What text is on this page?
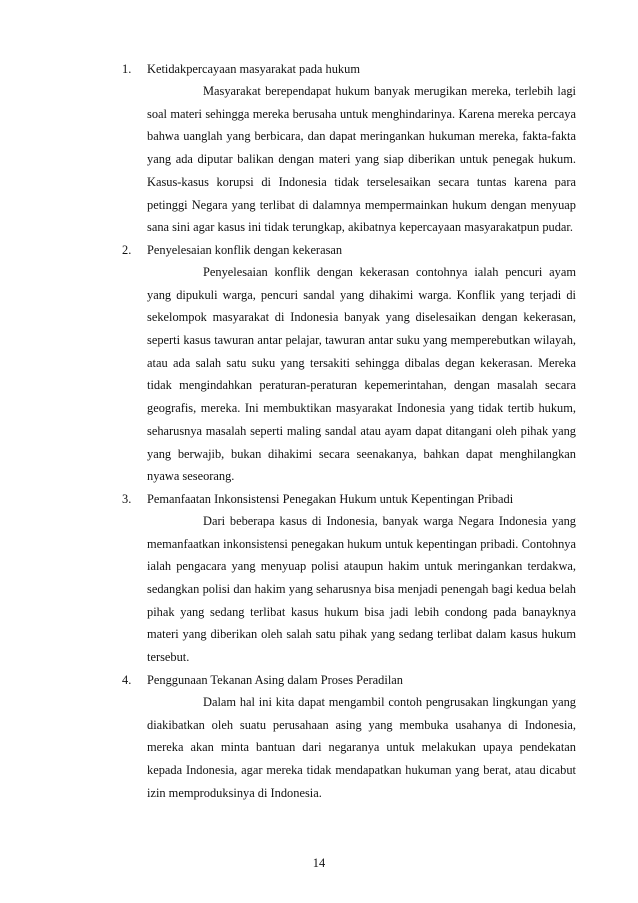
1. Ketidakpercayaan masyarakat pada hukum

Masyarakat berependapat hukum banyak merugikan mereka, terlebih lagi soal materi sehingga mereka berusaha untuk menghindarinya. Karena mereka percaya bahwa uanglah yang berbicara, dan dapat meringankan hukuman mereka, fakta-fakta yang ada diputar balikan dengan materi yang siap diberikan untuk penegak hukum. Kasus-kasus korupsi di Indonesia tidak terselesaikan secara tuntas karena para petinggi Negara yang terlibat di dalamnya mempermainkan hukum dengan menyuap sana sini agar kasus ini tidak terungkap, akibatnya kepercayaan masyarakatpun pudar.

2. Penyelesaian konflik dengan kekerasan

Penyelesaian konflik dengan kekerasan contohnya ialah pencuri ayam yang dipukuli warga, pencuri sandal yang dihakimi warga. Konflik yang terjadi di sekelompok masyarakat di Indonesia banyak yang diselesaikan dengan kekerasan, seperti kasus tawuran antar pelajar, tawuran antar suku yang memperebutkan wilayah, atau ada salah satu suku yang tersakiti sehingga dibalas degan kekerasan. Mereka tidak mengindahkan peraturan-peraturan kepemerintahan, dengan masalah secara geografis, mereka. Ini membuktikan masyarakat Indonesia yang tidak tertib hukum, seharusnya masalah seperti maling sandal atau ayam dapat ditangani oleh pihak yang yang berwajib, bukan dihakimi secara seenakanya, bahkan dapat menghilangkan nyawa seseorang.

3. Pemanfaatan Inkonsistensi Penegakan Hukum untuk Kepentingan Pribadi

Dari beberapa kasus di Indonesia, banyak warga Negara Indonesia yang memanfaatkan inkonsistensi penegakan hukum untuk kepentingan pribadi. Contohnya ialah pengacara yang menyuap polisi ataupun hakim untuk meringankan terdakwa, sedangkan polisi dan hakim yang seharusnya bisa menjadi penengah bagi kedua belah pihak yang sedang terlibat kasus hukum bisa jadi lebih condong pada banayknya materi yang diberikan oleh salah satu pihak yang sedang terlibat dalam kasus hukum tersebut.

4. Penggunaan Tekanan Asing dalam Proses Peradilan

Dalam hal ini kita dapat mengambil contoh pengrusakan lingkungan yang diakibatkan oleh suatu perusahaan asing yang membuka usahanya di Indonesia, mereka akan minta bantuan dari negaranya untuk melakukan upaya pendekatan kepada Indonesia, agar mereka tidak mendapatkan hukuman yang berat, atau dicabut izin memproduksinya di Indonesia.

14
